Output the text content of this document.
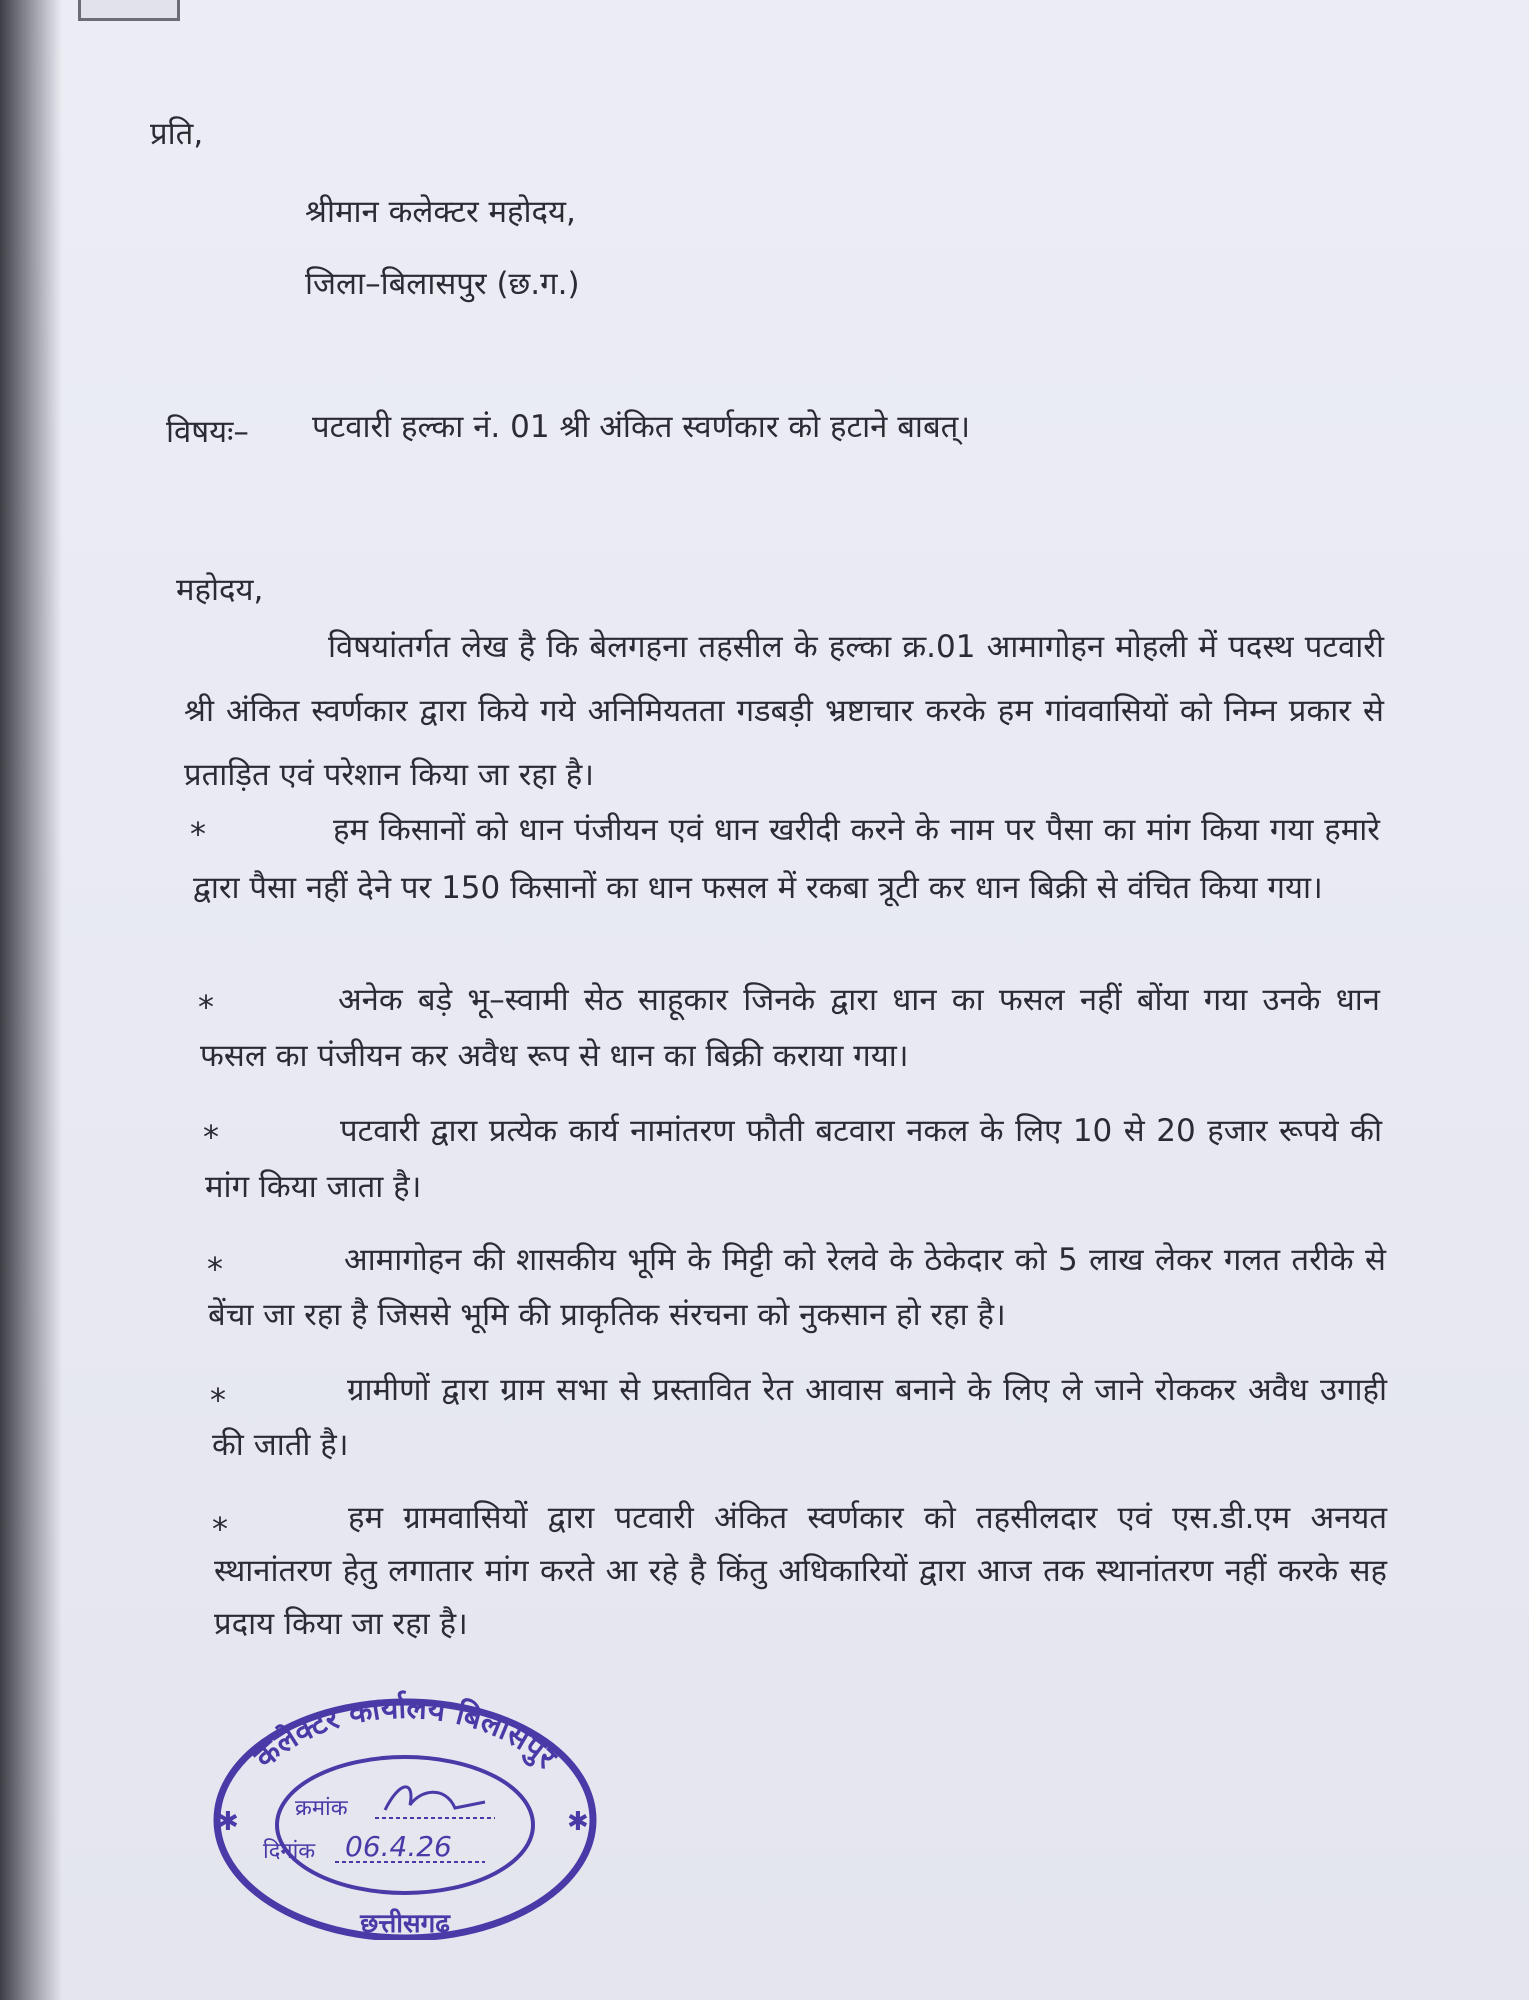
प्रति,
श्रीमान कलेक्टर महोदय,
जिला–बिलासपुर (छ.ग.)
विषयः– पटवारी हल्का नं. 01 श्री अंकित स्वर्णकार को हटाने बाबत्।
महोदय,
विषयांतर्गत लेख है कि बेलगहना तहसील के हल्का क्र.01 आमागोहन मोहली में पदस्थ पटवारी श्री अंकित स्वर्णकार द्वारा किये गये अनिमियतता गडबड़ी भ्रष्टाचार करके हम गांववासियों को निम्न प्रकार से प्रताड़ित एवं परेशान किया जा रहा है।
*	हम किसानों को धान पंजीयन एवं धान खरीदी करने के नाम पर पैसा का मांग किया गया हमारे द्वारा पैसा नहीं देने पर 150 किसानों का धान फसल में रकबा त्रूटी कर धान बिक्री से वंचित किया गया।
*	अनेक बड़े भू–स्वामी सेठ साहूकार जिनके द्वारा धान का फसल नहीं बोंया गया उनके धान फसल का पंजीयन कर अवैध रूप से धान का बिक्री कराया गया।
*	पटवारी द्वारा प्रत्येक कार्य नामांतरण फौती बटवारा नकल के लिए 10 से 20 हजार रूपये की मांग किया जाता है।
*	आमागोहन की शासकीय भूमि के मिट्टी को रेलवे के ठेकेदार को 5 लाख लेकर गलत तरीके से बेंचा जा रहा है जिससे भूमि की प्राकृतिक संरचना को नुकसान हो रहा है।
*	ग्रामीणों द्वारा ग्राम सभा से प्रस्तावित रेत आवास बनाने के लिए ले जाने रोककर अवैध उगाही की जाती है।
*	हम ग्रामवासियों द्वारा पटवारी अंकित स्वर्णकार को तहसीलदार एवं एस.डी.एम अनयत स्थानांतरण हेतु लगातार मांग करते आ रहे है किंतु अधिकारियों द्वारा आज तक स्थानांतरण नहीं करके सह प्रदाय किया जा रहा है।
कलेक्टर कार्यालय बिलासपुर
छत्तीसगढ़
✱	✱
क्रमांक
दिनांक 06.4.26
